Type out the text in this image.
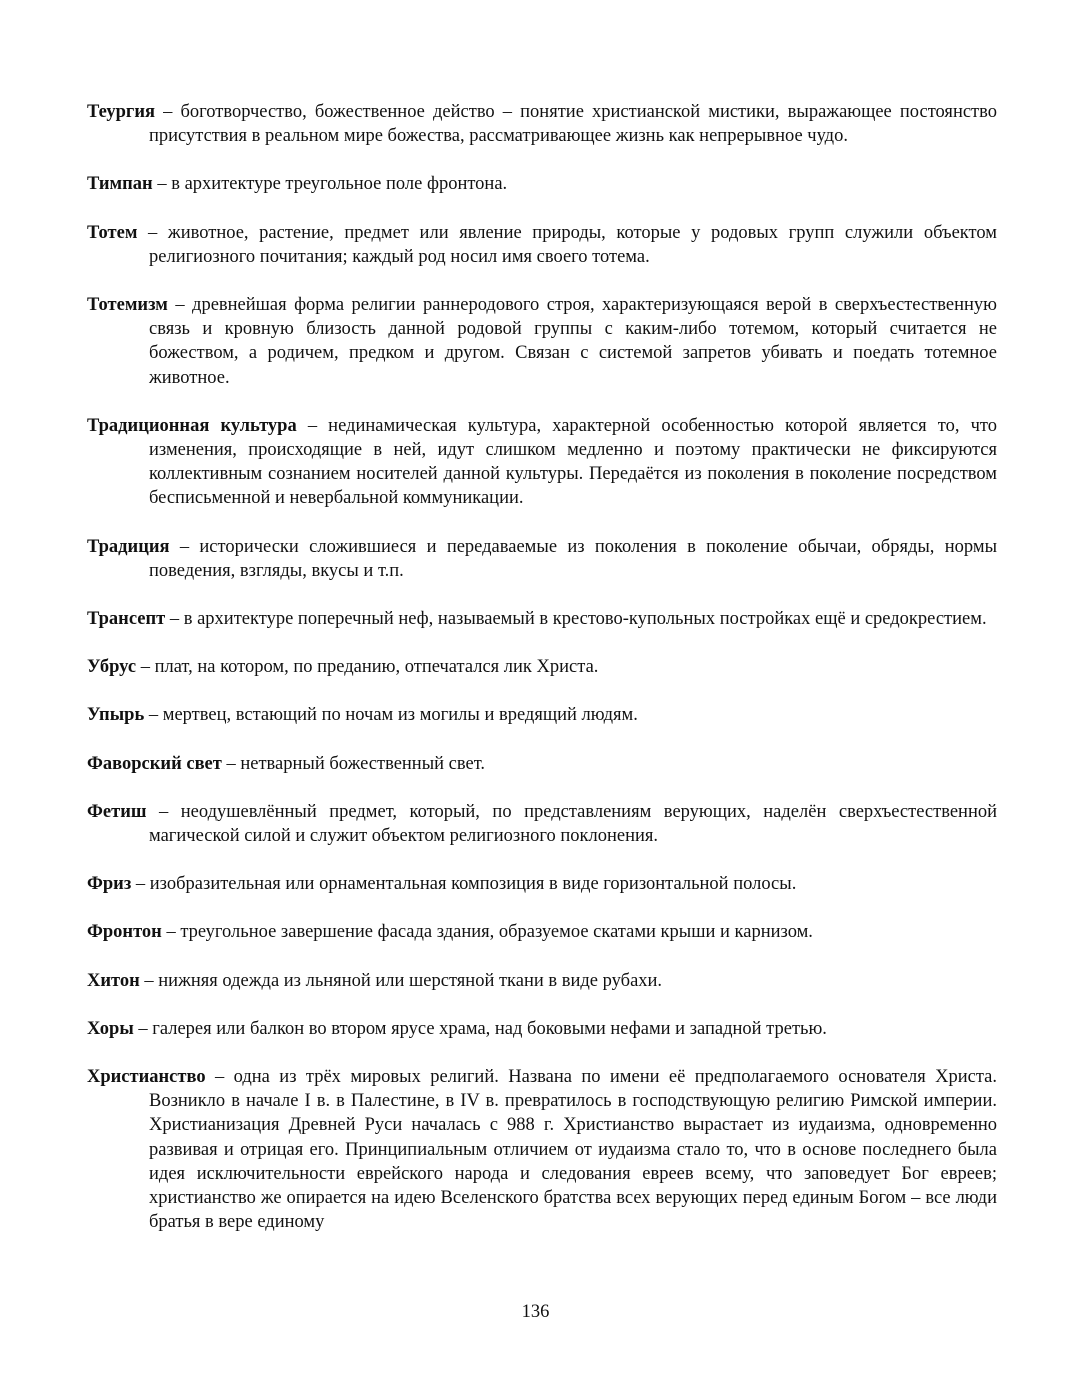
Теургия – боготворчество, божественное действо – понятие христианской мистики, выражающее постоянство присутствия в реальном мире божества, рассматривающее жизнь как непрерывное чудо.

Тимпан – в архитектуре треугольное поле фронтона.

Тотем – животное, растение, предмет или явление природы, которые у родовых групп служили объектом религиозного почитания; каждый род носил имя своего тотема.

Тотемизм – древнейшая форма религии раннеродового строя, характеризующаяся верой в сверхъестественную связь и кровную близость данной родовой группы с каким-либо тотемом, который считается не божеством, а родичем, предком и другом. Связан с системой запретов убивать и поедать тотемное животное.

Традиционная культура – нединамическая культура, характерной особенностью которой является то, что изменения, происходящие в ней, идут слишком медленно и поэтому практически не фиксируются коллективным сознанием носителей данной культуры. Передаётся из поколения в поколение посредством бесписьменной и невербальной коммуникации.

Традиция – исторически сложившиеся и передаваемые из поколения в поколение обычаи, обряды, нормы поведения, взгляды, вкусы и т.п.

Трансепт – в архитектуре поперечный неф, называемый в крестово-купольных постройках ещё и средокрестием.

Убрус – плат, на котором, по преданию, отпечатался лик Христа.

Упырь – мертвец, встающий по ночам из могилы и вредящий людям.

Фаворский свет – нетварный божественный свет.

Фетиш – неодушевлённый предмет, который, по представлениям верующих, наделён сверхъестественной магической силой и служит объектом религиозного поклонения.

Фриз – изобразительная или орнаментальная композиция в виде горизонтальной полосы.

Фронтон – треугольное завершение фасада здания, образуемое скатами крыши и карнизом.

Хитон – нижняя одежда из льняной или шерстяной ткани в виде рубахи.

Хоры – галерея или балкон во втором ярусе храма, над боковыми нефами и западной третью.

Христианство – одна из трёх мировых религий. Названа по имени её предполагаемого основателя Христа. Возникло в начале I в. в Палестине, в IV в. превратилось в господствующую религию Римской империи. Христианизация Древней Руси началась с 988 г. Христианство вырастает из иудаизма, одновременно развивая и отрицая его. Принципиальным отличием от иудаизма стало то, что в основе последнего была идея исключительности еврейского народа и следования евреев всему, что заповедует Бог евреев; христианство же опирается на идею Вселенского братства всех верующих перед единым Богом – все люди братья в вере единому

136
